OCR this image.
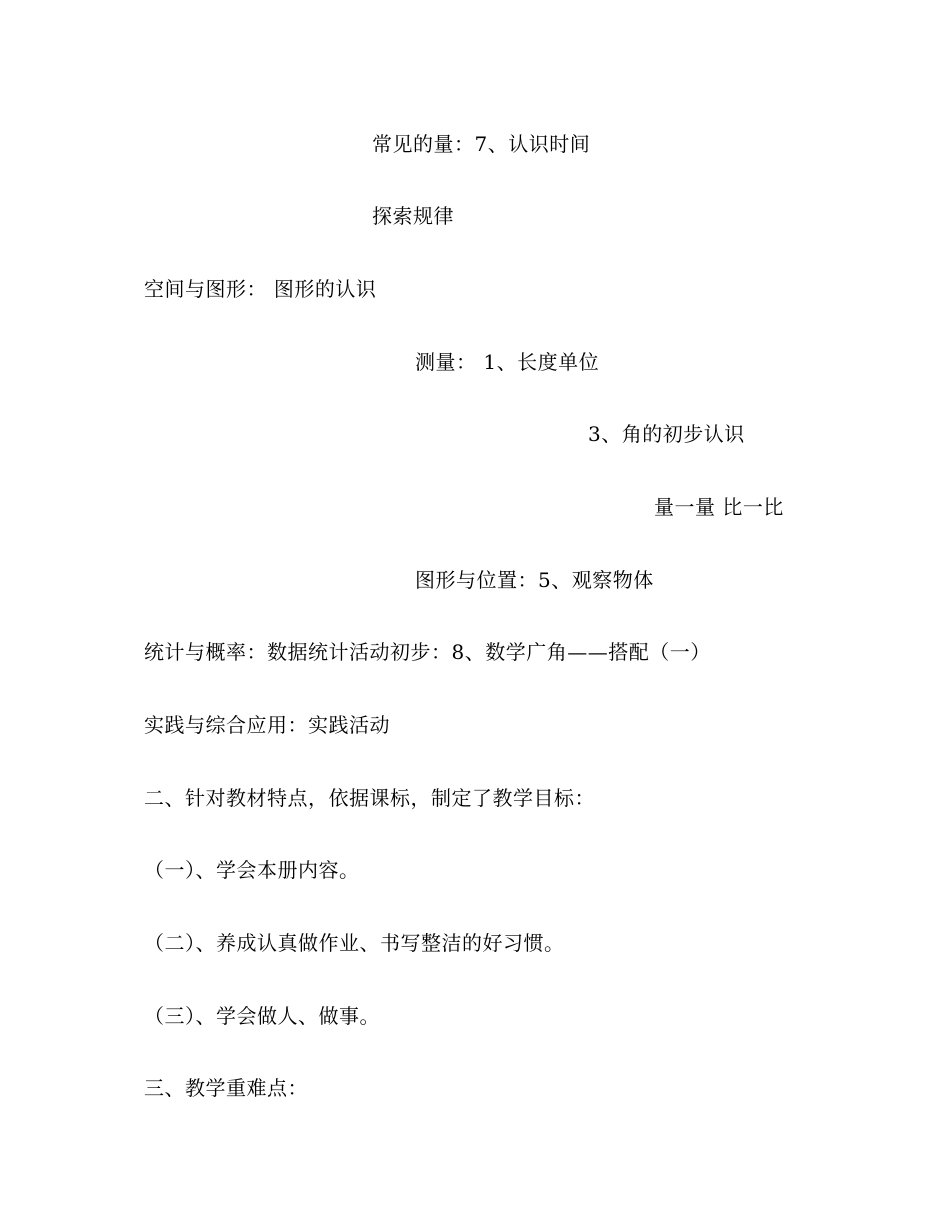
常见的量：7、认识时间
探索规律
空间与图形： 图形的认识
测量： 1、长度单位
3、角的初步认识
量一量 比一比
图形与位置：5、观察物体
统计与概率：数据统计活动初步：8、数学广角——搭配（一）
实践与综合应用：实践活动
二、针对教材特点，依据课标，制定了教学目标：
（一）、学会本册内容。
（二）、养成认真做作业、书写整洁的好习惯。
（三）、学会做人、做事。
三、教学重难点：
